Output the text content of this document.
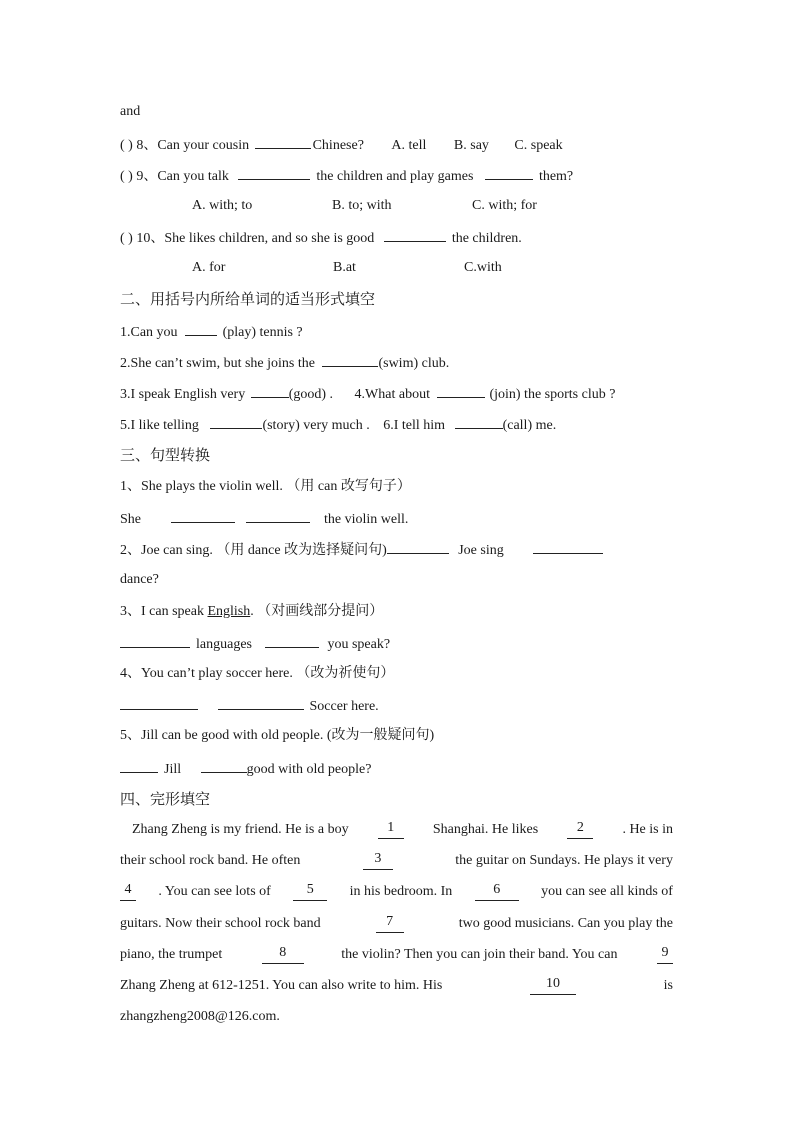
and
( ) 8、Can your cousin	Chinese? A. tell B. say C. speak
( ) 9、Can you talk	the children and play games	them?
A. with; to	B. to; with	C. with; for
( ) 10、She likes children, and so she is good	the children.
A. for	B.at	C.with
二、用括号内所给单词的适当形式填空
1.Can you	(play) tennis ?
2.She can’t swim, but she joins the	(swim) club.
3.I speak English very	(good) . 4.What about	(join) the sports club ?
5.I like telling	(story) very much . 6.I tell him	(call) me.
三、句型转换
1、She plays the violin well. （用 can 改写句子）
She	the violin well.
2、Joe can sing. （用 dance 改为选择疑问句)	Joe sing
dance?
3、I can speak English. （对画线部分提问）
languages	you speak?
4、You can’t play soccer here. （改为祈使句）
Soccer here.
5、Jill can be good with old people. (改为一般疑问句)
Jill	good with old people?
四、完形填空
Zhang Zheng is my friend. He is a boy	1	Shanghai. He likes	2	. He is in
their school rock band. He often	3	the guitar on Sundays. He plays it very
4	. You can see lots of	5	in his bedroom. In	6	you can see all kinds of
guitars. Now their school rock band	7	two good musicians. Can you play the
piano, the trumpet	8	the violin? Then you can join their band. You can	9
Zhang Zheng at 612-1251. You can also write to him. His	10	is
zhangzheng2008@126.com.
